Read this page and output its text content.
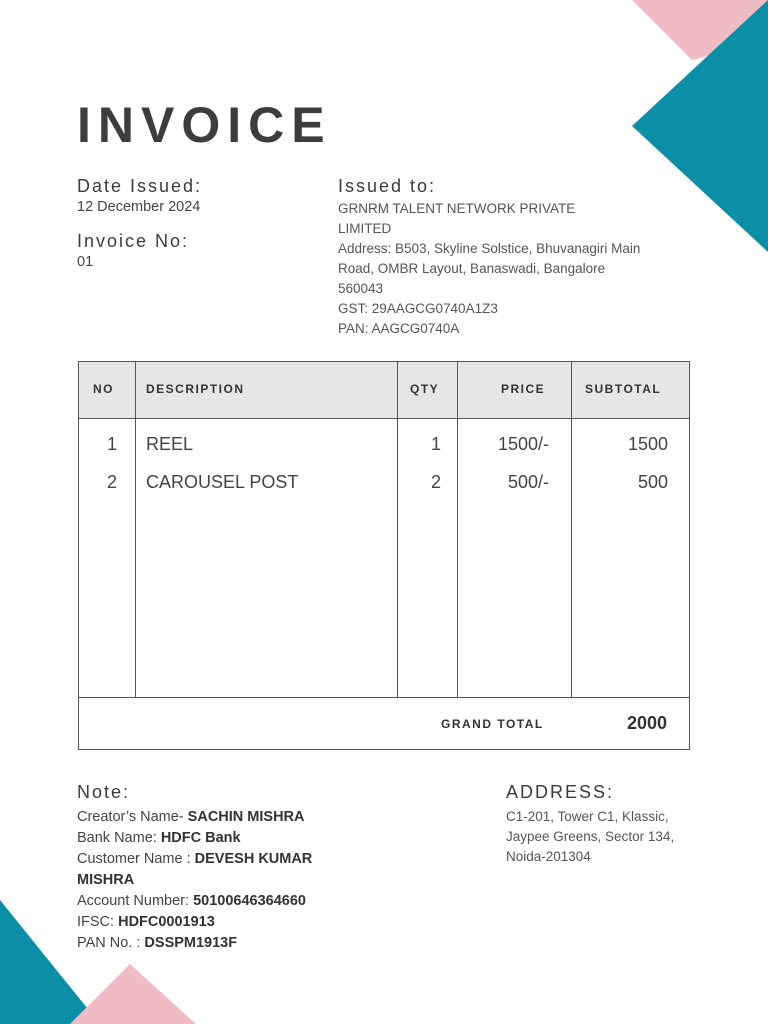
INVOICE

Date Issued:

12 December 2024

Invoice No:

01

Issued to:

GRNRM TALENT NETWORK PRIVATE

LIMITED

Address: B503, Skyline Solstice, Bhuvanagiri Main

Road, OMBR Layout, Banaswadi, Bangalore

560043

GST: 29AAGCG0740A1Z3

PAN: AAGCG0740A

NO	DESCRIPTION	QTY	PRICE	SUBTOTAL
1 REEL	1	1500/-	1500
2 CAROUSEL POST	2	500/-	500
GRAND TOTAL	2000

Note:

Creator’s Name- SACHIN MISHRA

Bank Name: HDFC Bank

Customer Name : DEVESH KUMAR

MISHRA

Account Number: 50100646364660

IFSC: HDFC0001913

PAN No. : DSSPM1913F

ADDRESS:

C1-201, Tower C1, Klassic,

Jaypee Greens, Sector 134,

Noida-201304
